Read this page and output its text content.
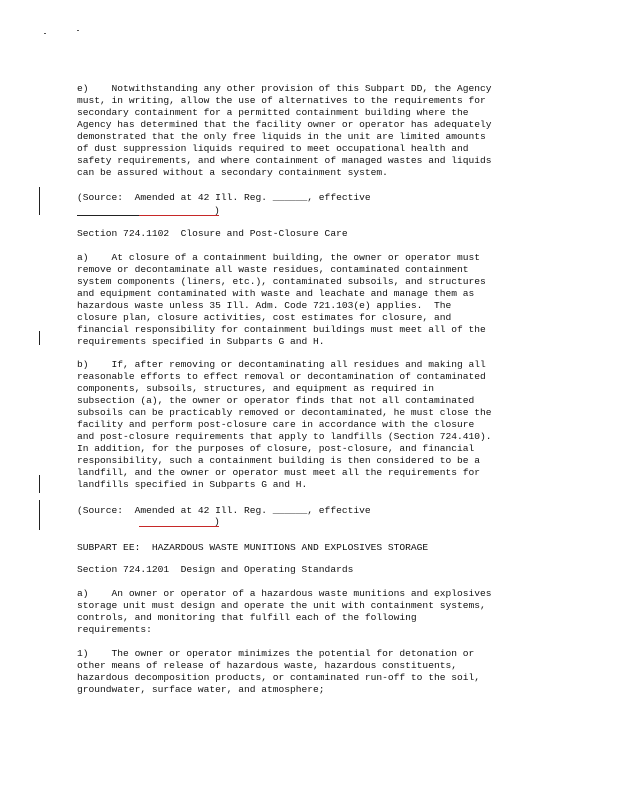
e)    Notwithstanding any other provision of this Subpart DD, the Agency
must, in writing, allow the use of alternatives to the requirements for
secondary containment for a permitted containment building where the
Agency has determined that the facility owner or operator has adequately
demonstrated that the only free liquids in the unit are limited amounts
of dust suppression liquids required to meet occupational health and
safety requirements, and where containment of managed wastes and liquids
can be assured without a secondary containment system.
(Source:  Amended at 42 Ill. Reg. ______, effective
)
Section 724.1102  Closure and Post-Closure Care
a)    At closure of a containment building, the owner or operator must
remove or decontaminate all waste residues, contaminated containment
system components (liners, etc.), contaminated subsoils, and structures
and equipment contaminated with waste and leachate and manage them as
hazardous waste unless 35 Ill. Adm. Code 721.103(e) applies.  The
closure plan, closure activities, cost estimates for closure, and
financial responsibility for containment buildings must meet all of the
requirements specified in Subparts G and H.
b)    If, after removing or decontaminating all residues and making all
reasonable efforts to effect removal or decontamination of contaminated
components, subsoils, structures, and equipment as required in
subsection (a), the owner or operator finds that not all contaminated
subsoils can be practicably removed or decontaminated, he must close the
facility and perform post-closure care in accordance with the closure
and post-closure requirements that apply to landfills (Section 724.410).
In addition, for the purposes of closure, post-closure, and financial
responsibility, such a containment building is then considered to be a
landfill, and the owner or operator must meet all the requirements for
landfills specified in Subparts G and H.
(Source:  Amended at 42 Ill. Reg. ______, effective
)
SUBPART EE:  HAZARDOUS WASTE MUNITIONS AND EXPLOSIVES STORAGE
Section 724.1201  Design and Operating Standards
a)    An owner or operator of a hazardous waste munitions and explosives
storage unit must design and operate the unit with containment systems,
controls, and monitoring that fulfill each of the following
requirements:
1)    The owner or operator minimizes the potential for detonation or
other means of release of hazardous waste, hazardous constituents,
hazardous decomposition products, or contaminated run-off to the soil,
groundwater, surface water, and atmosphere;
